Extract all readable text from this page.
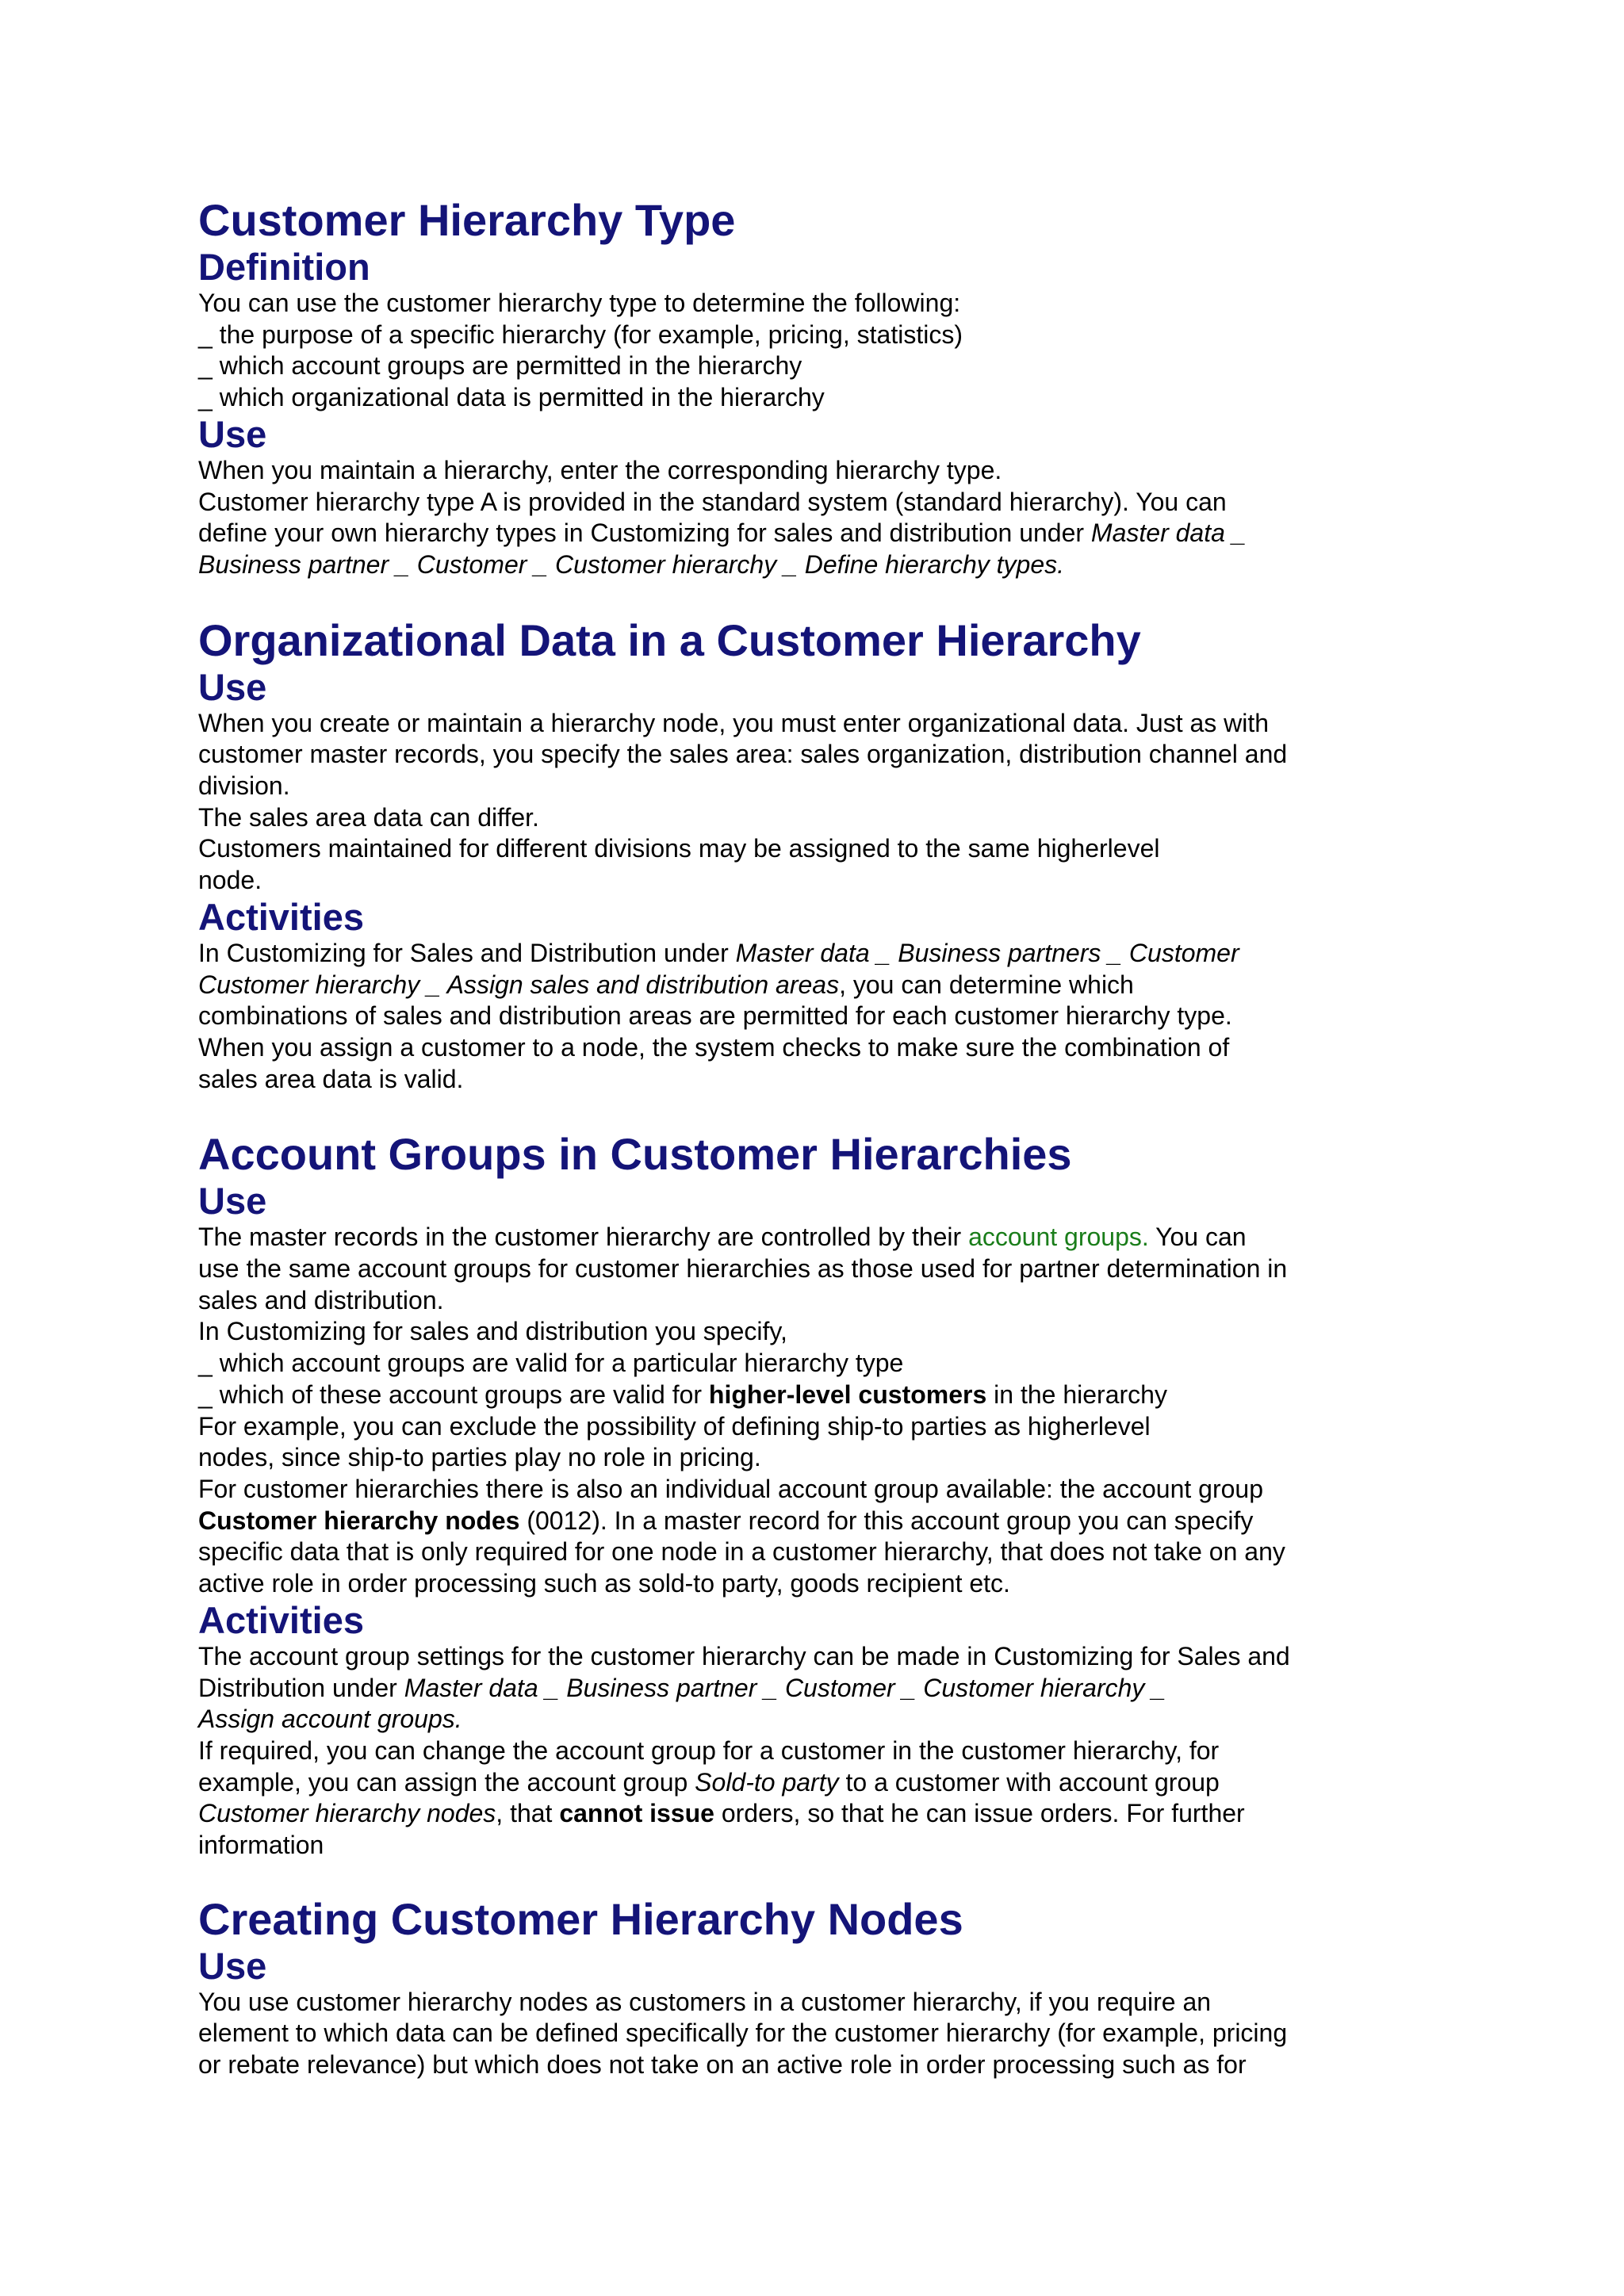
Customer Hierarchy Type
Definition

You can use the customer hierarchy type to determine the following:

_ the purpose of a specific hierarchy (for example, pricing, statistics)

_ which account groups are permitted in the hierarchy

_ which organizational data is permitted in the hierarchy

Use

When you maintain a hierarchy, enter the corresponding hierarchy type.

Customer hierarchy type A is provided in the standard system (standard hierarchy). You can

define your own hierarchy types in Customizing for sales and distribution under Master data _

Business partner _ Customer _ Customer hierarchy _ Define hierarchy types.

Organizational Data in a Customer Hierarchy
Use

When you create or maintain a hierarchy node, you must enter organizational data. Just as with

customer master records, you specify the sales area: sales organization, distribution channel and

division.

The sales area data can differ.

Customers maintained for different divisions may be assigned to the same higherlevel

node.

Activities

In Customizing for Sales and Distribution under Master data _ Business partners _ Customer

Customer hierarchy _ Assign sales and distribution areas, you can determine which

combinations of sales and distribution areas are permitted for each customer hierarchy type.

When you assign a customer to a node, the system checks to make sure the combination of

sales area data is valid.

Account Groups in Customer Hierarchies
Use

The master records in the customer hierarchy are controlled by their account groups. You can

use the same account groups for customer hierarchies as those used for partner determination in

sales and distribution.

In Customizing for sales and distribution you specify,

_ which account groups are valid for a particular hierarchy type

_ which of these account groups are valid for higher-level customers in the hierarchy

For example, you can exclude the possibility of defining ship-to parties as higherlevel

nodes, since ship-to parties play no role in pricing.

For customer hierarchies there is also an individual account group available: the account group

Customer hierarchy nodes (0012). In a master record for this account group you can specify

specific data that is only required for one node in a customer hierarchy, that does not take on any

active role in order processing such as sold-to party, goods recipient etc.

Activities

The account group settings for the customer hierarchy can be made in Customizing for Sales and

Distribution under Master data _ Business partner _ Customer _ Customer hierarchy _

Assign account groups.

If required, you can change the account group for a customer in the customer hierarchy, for

example, you can assign the account group Sold-to party to a customer with account group

Customer hierarchy nodes, that cannot issue orders, so that he can issue orders. For further

information

Creating Customer Hierarchy Nodes
Use

You use customer hierarchy nodes as customers in a customer hierarchy, if you require an

element to which data can be defined specifically for the customer hierarchy (for example, pricing

or rebate relevance) but which does not take on an active role in order processing such as for
